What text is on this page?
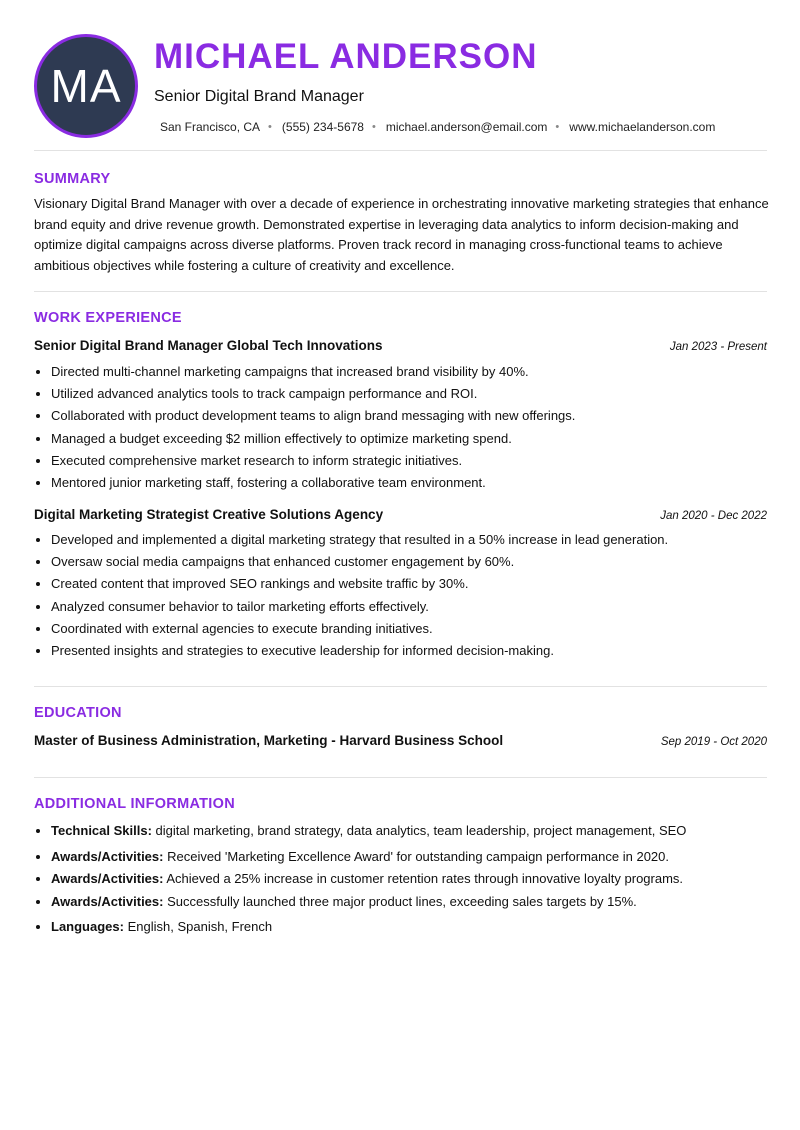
MA
MICHAEL ANDERSON
Senior Digital Brand Manager
San Francisco, CA • (555) 234-5678 • michael.anderson@email.com • www.michaelanderson.com
SUMMARY
Visionary Digital Brand Manager with over a decade of experience in orchestrating innovative marketing strategies that enhance brand equity and drive revenue growth. Demonstrated expertise in leveraging data analytics to inform decision-making and optimize digital campaigns across diverse platforms. Proven track record in managing cross-functional teams to achieve ambitious objectives while fostering a culture of creativity and excellence.
WORK EXPERIENCE
Senior Digital Brand Manager Global Tech Innovations	Jan 2023 - Present
• Directed multi-channel marketing campaigns that increased brand visibility by 40%.
• Utilized advanced analytics tools to track campaign performance and ROI.
• Collaborated with product development teams to align brand messaging with new offerings.
• Managed a budget exceeding $2 million effectively to optimize marketing spend.
• Executed comprehensive market research to inform strategic initiatives.
• Mentored junior marketing staff, fostering a collaborative team environment.
Digital Marketing Strategist Creative Solutions Agency	Jan 2020 - Dec 2022
• Developed and implemented a digital marketing strategy that resulted in a 50% increase in lead generation.
• Oversaw social media campaigns that enhanced customer engagement by 60%.
• Created content that improved SEO rankings and website traffic by 30%.
• Analyzed consumer behavior to tailor marketing efforts effectively.
• Coordinated with external agencies to execute branding initiatives.
• Presented insights and strategies to executive leadership for informed decision-making.
EDUCATION
Master of Business Administration, Marketing - Harvard Business School	Sep 2019 - Oct 2020
ADDITIONAL INFORMATION
• Technical Skills: digital marketing, brand strategy, data analytics, team leadership, project management, SEO
• Awards/Activities: Received 'Marketing Excellence Award' for outstanding campaign performance in 2020.
• Awards/Activities: Achieved a 25% increase in customer retention rates through innovative loyalty programs.
• Awards/Activities: Successfully launched three major product lines, exceeding sales targets by 15%.
• Languages: English, Spanish, French
